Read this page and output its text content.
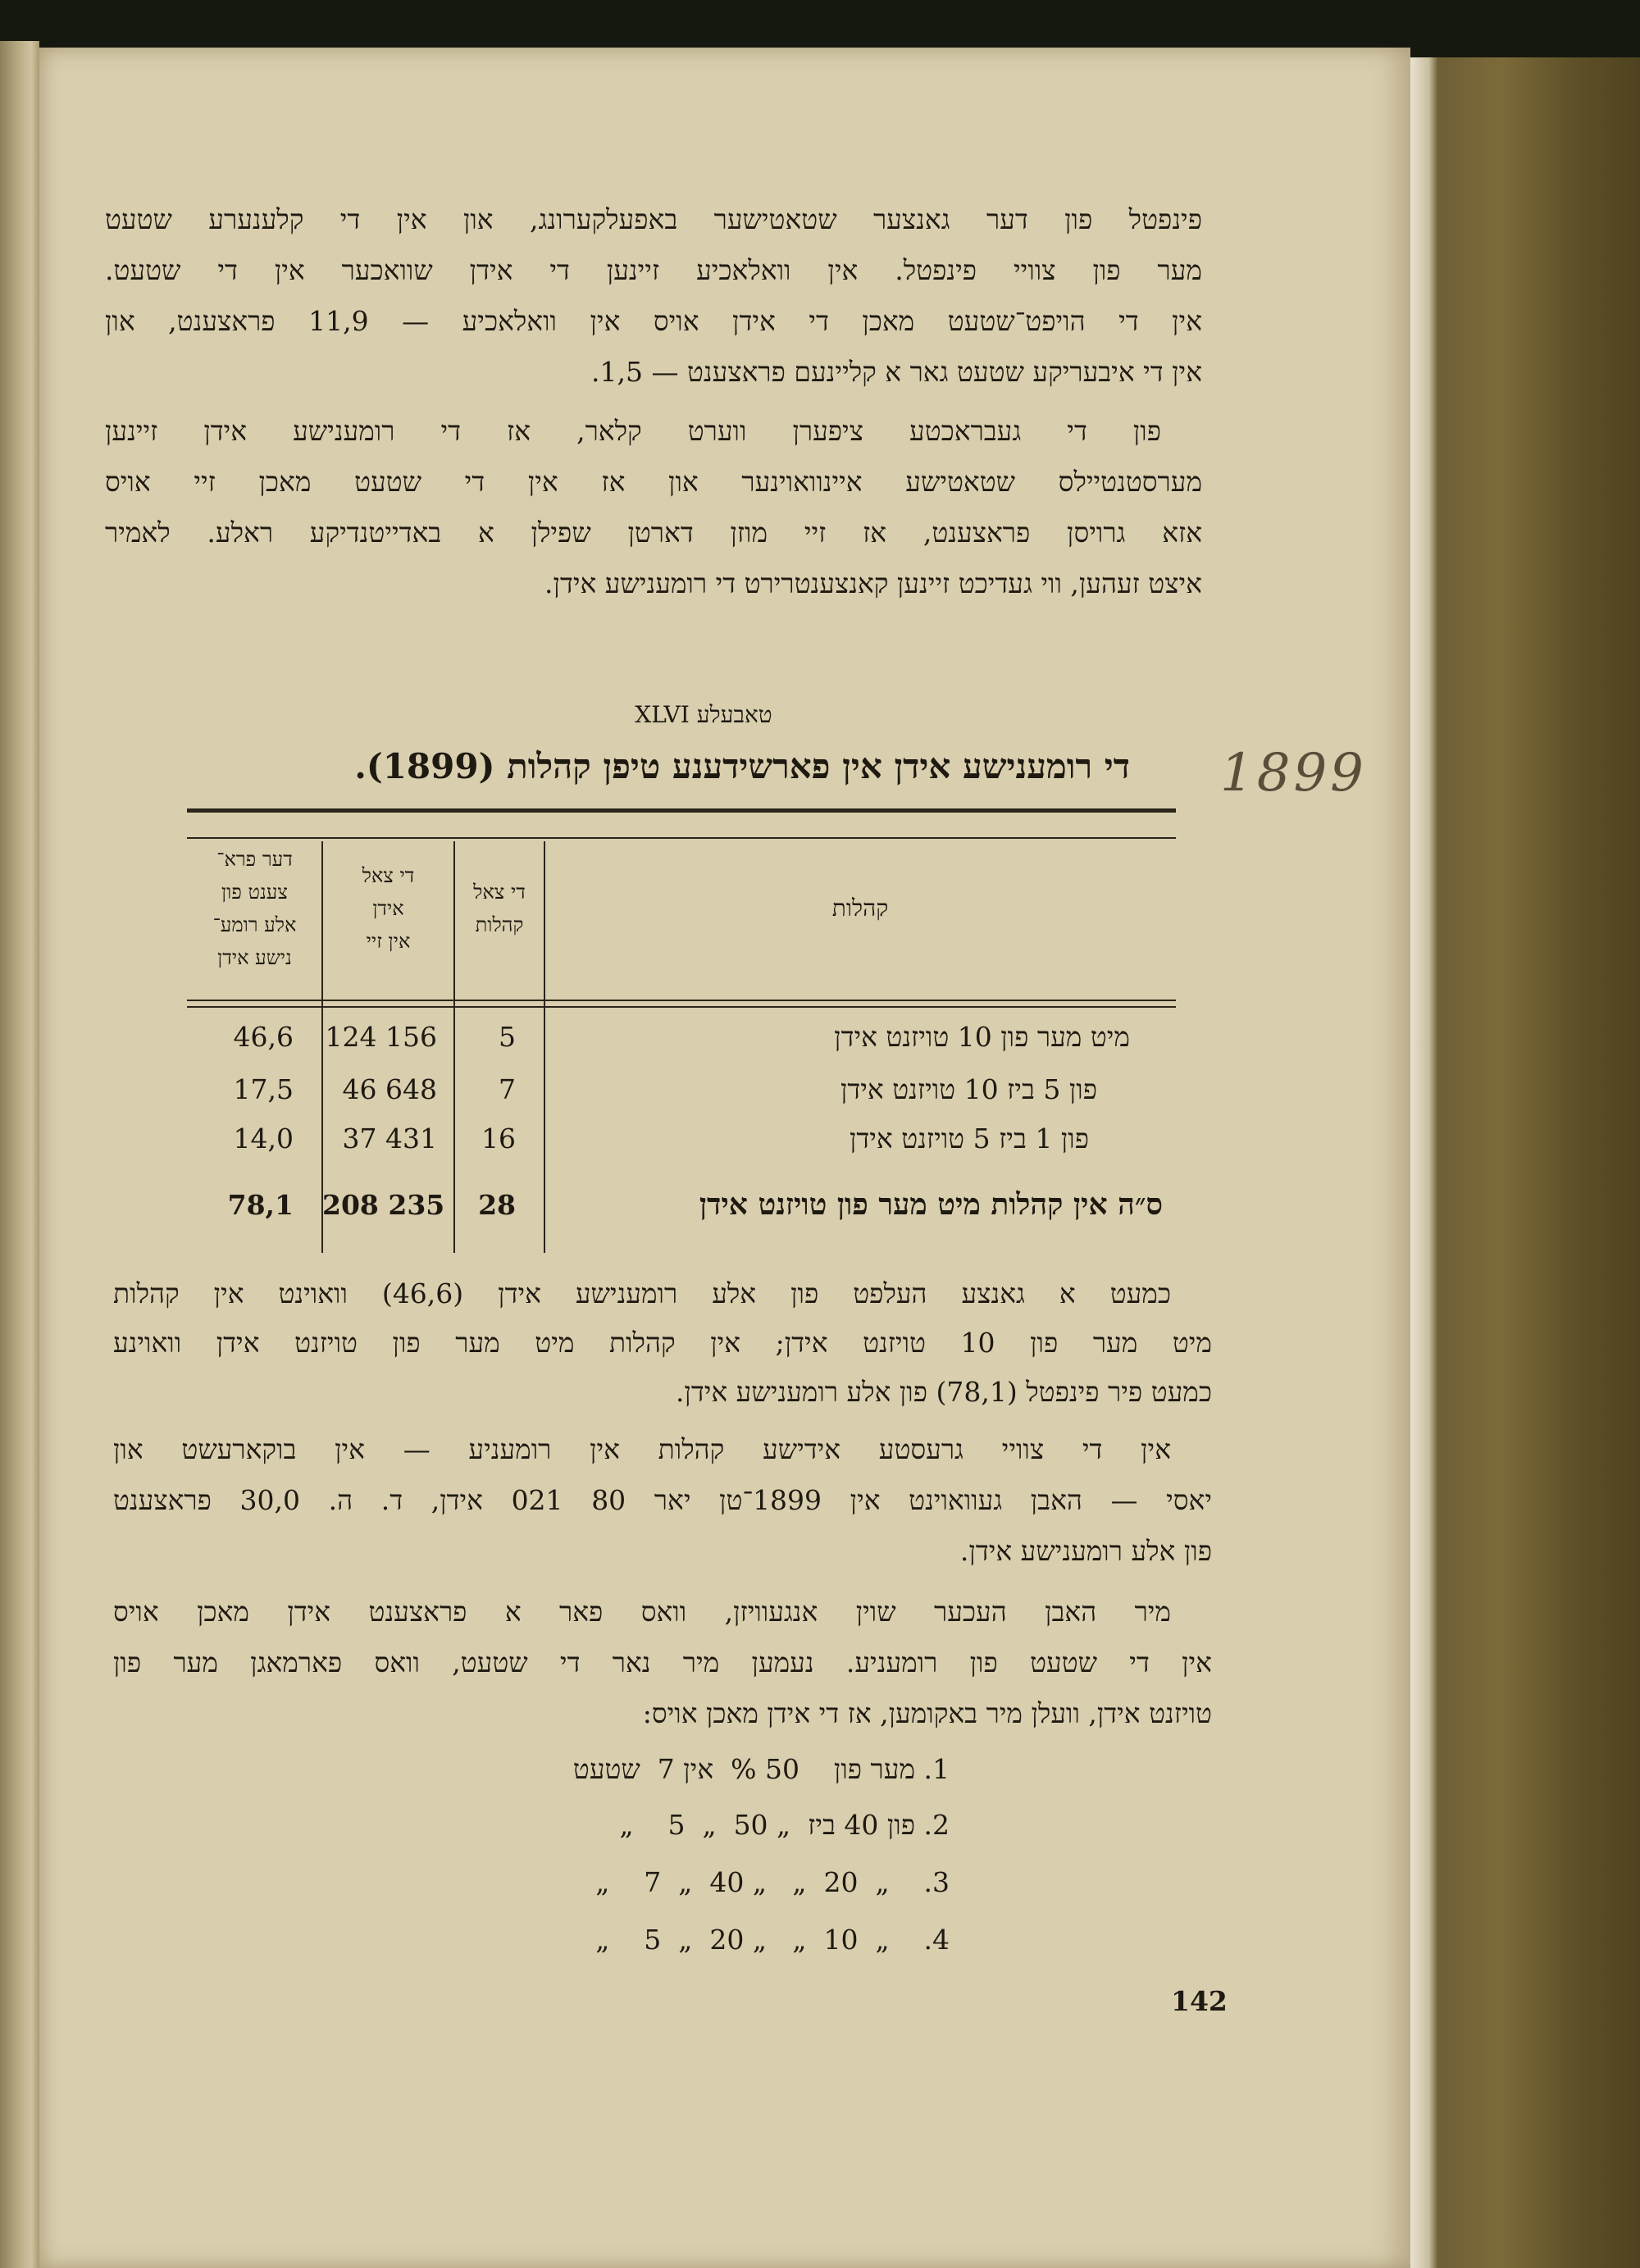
פינפטל פון דער גאנצער שטאטישער באפעלקערונג, און אין די קלענערע שטעט
מער פון צוויי פינפטל. אין וואלאכיע זיינען די אידן שוואכער אין די שטעט.
אין די הויפט־שטעט מאכן די אידן אויס אין וואלאכיע — 11,9 פראצענט, און
אין די איבעריקע שטעט גאר א קליינעם פראצענט — 1,5.
פון די געבראכטע ציפערן ווערט קלאר, אז די רומענישע אידן זיינען
מערסטנטיילס שטאטישע איינוואוינער און אז אין די שטעט מאכן זיי אויס
אזא גרויסן פראצענט, אז זיי מוזן דארטן שפילן א באדייטנדיקע ראלע. לאמיר
איצט זעהען, ווי געדיכט זיינען קאנצענטרירט די רומענישע אידן.
טאבעלע XLVI
די רומענישע אידן אין פארשידענע טיפן קהלות (1899). 1899
קהלות
די צאל
קהלות
די צאל
אידן
אין זיי
דער פרא־
צענט פון
אלע רומע־
נישע אידן
מיט מער פון 10 טויזנט אידן
5
124 156
46,6
פון 5 ביז 10 טויזנט אידן
7
46 648
17,5
פון 1 ביז 5 טויזנט אידן
16
37 431
14,0
ס״ה אין קהלות מיט מער פון טויזנט אידן
28
208 235
78,1
כמעט א גאנצע העלפט פון אלע רומענישע אידן (46,6) וואוינט אין קהלות
מיט מער פון 10 טויזנט אידן; אין קהלות מיט מער פון טויזנט אידן וואוינע
כמעט פיר פינפטל (78,1) פון אלע רומענישע אידן.
אין די צוויי גרעסטע אידישע קהלות אין רומעניע — אין בוקארעשט און
יאסי — האבן געוואוינט אין 1899־טן יאר 80 021 אידן, ד. ה. 30,0 פראצענט
פון אלע רומענישע אידן.
מיר האבן העכער שוין אנגעוויזן, וואס פאר א פראצענט אידן מאכן אויס
אין די שטעט פון רומעניע. נעמען מיר נאר די שטעט, וואס פארמאגן מער פון
טויזנט אידן, וועלן מיר באקומען, אז די אידן מאכן אויס:
1. מער פון    50 %  אין 7  שטעט
2. פון 40 ביז  „ 50  „  5    „
3.    „  20  „   „ 40  „  7    „
4.    „  10  „   „ 20  „  5    „
142
